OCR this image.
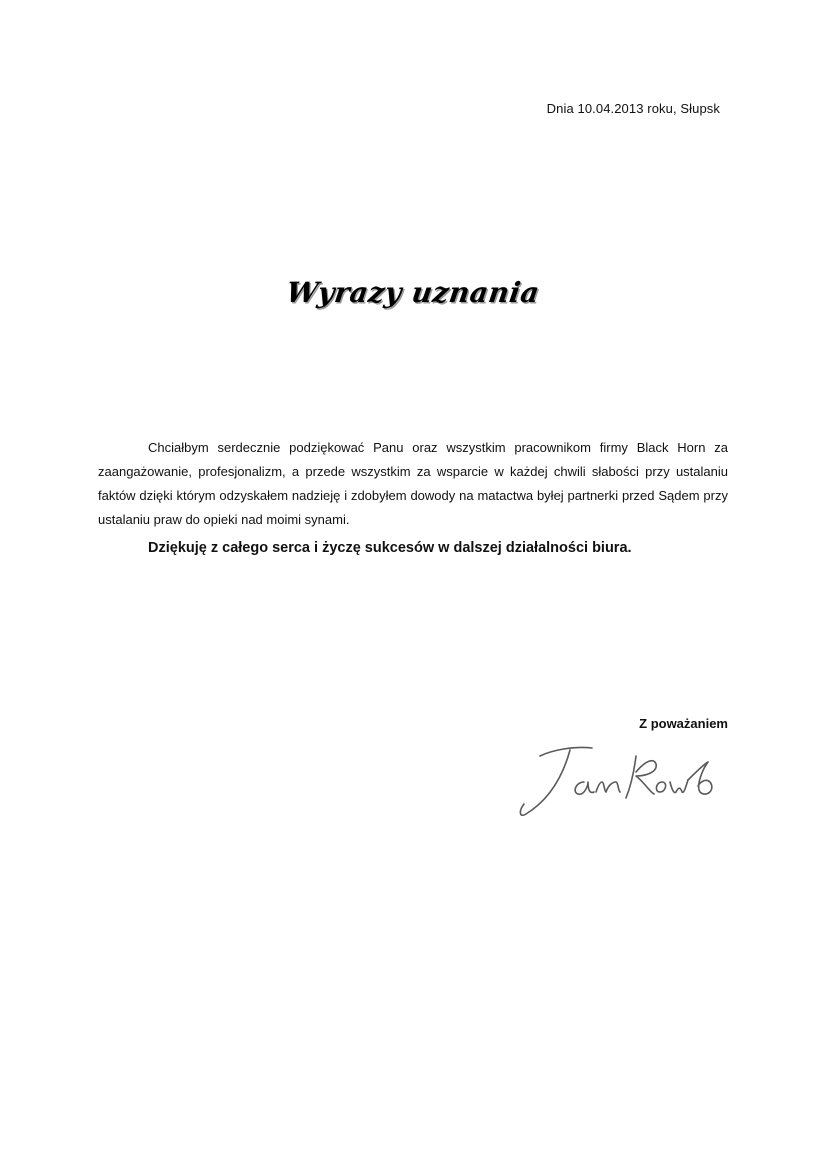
Dnia 10.04.2013 roku, Słupsk
Wyrazy uznania

Chciałbym serdecznie podziękować Panu oraz wszystkim pracownikom firmy Black Horn za zaangażowanie, profesjonalizm, a przede wszystkim za wsparcie w każdej chwili słabości przy ustalaniu faktów dzięki którym odzyskałem nadzieję i zdobyłem dowody na matactwa byłej partnerki przed Sądem przy ustalaniu praw do opieki nad moimi synami.

Dziękuję z całego serca i życzę sukcesów w dalszej działalności biura.

Z poważaniem
